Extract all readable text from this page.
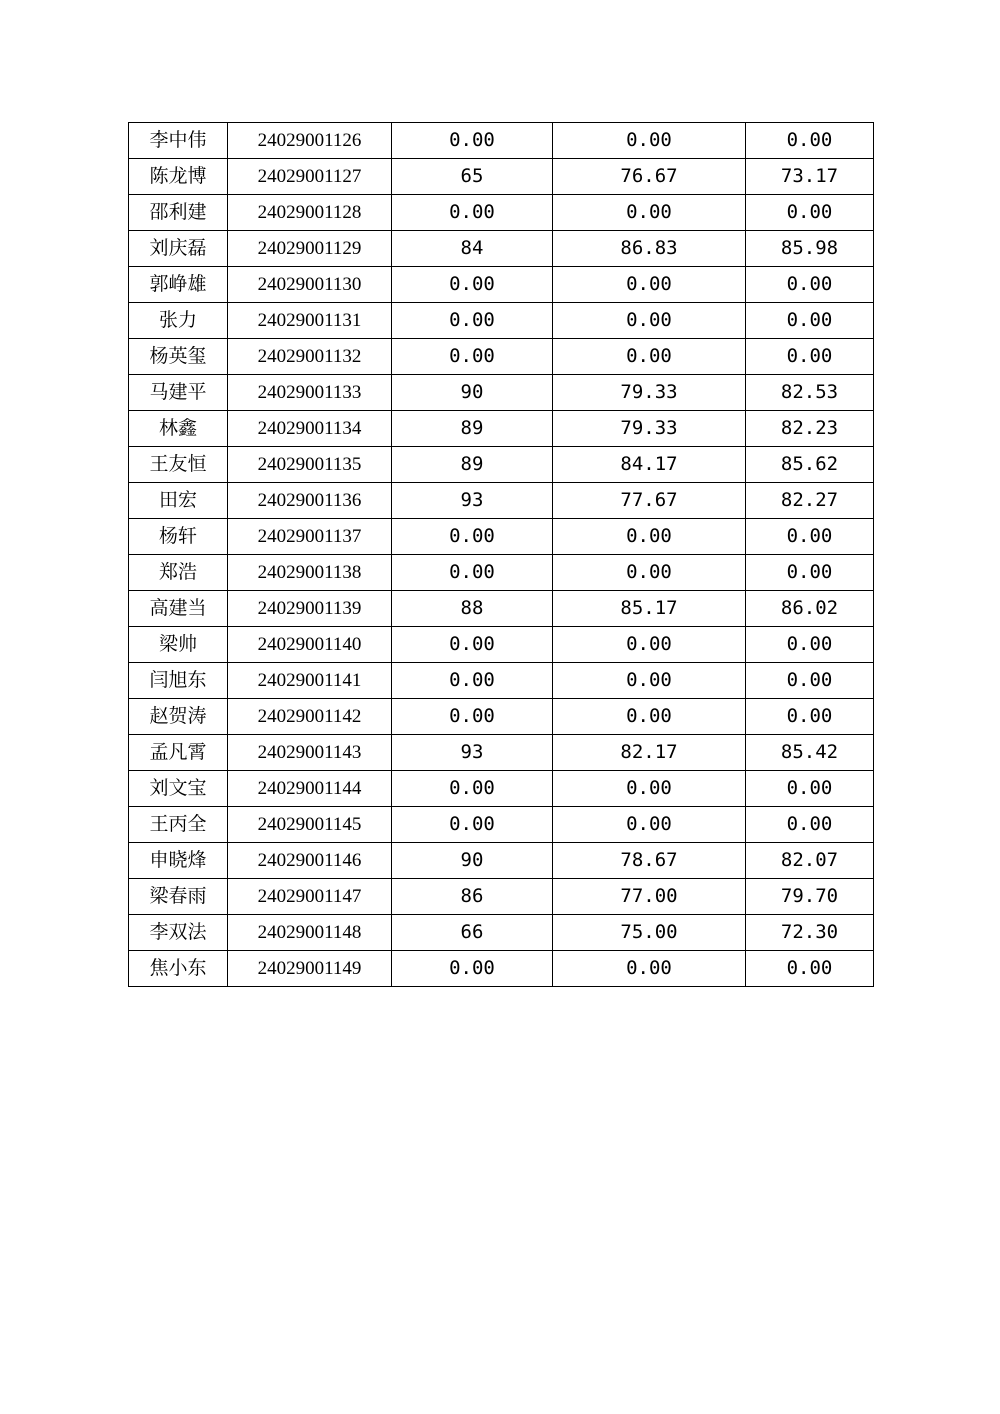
李中伟	24029001126	0.00	0.00	0.00
陈龙博	24029001127	65	76.67	73.17
邵利建	24029001128	0.00	0.00	0.00
刘庆磊	24029001129	84	86.83	85.98
郭峥雄	24029001130	0.00	0.00	0.00
张力	24029001131	0.00	0.00	0.00
杨英玺	24029001132	0.00	0.00	0.00
马建平	24029001133	90	79.33	82.53
林鑫	24029001134	89	79.33	82.23
王友恒	24029001135	89	84.17	85.62
田宏	24029001136	93	77.67	82.27
杨轩	24029001137	0.00	0.00	0.00
郑浩	24029001138	0.00	0.00	0.00
高建当	24029001139	88	85.17	86.02
梁帅	24029001140	0.00	0.00	0.00
闫旭东	24029001141	0.00	0.00	0.00
赵贺涛	24029001142	0.00	0.00	0.00
孟凡霄	24029001143	93	82.17	85.42
刘文宝	24029001144	0.00	0.00	0.00
王丙全	24029001145	0.00	0.00	0.00
申晓烽	24029001146	90	78.67	82.07
梁春雨	24029001147	86	77.00	79.70
李双法	24029001148	66	75.00	72.30
焦小东	24029001149	0.00	0.00	0.00
